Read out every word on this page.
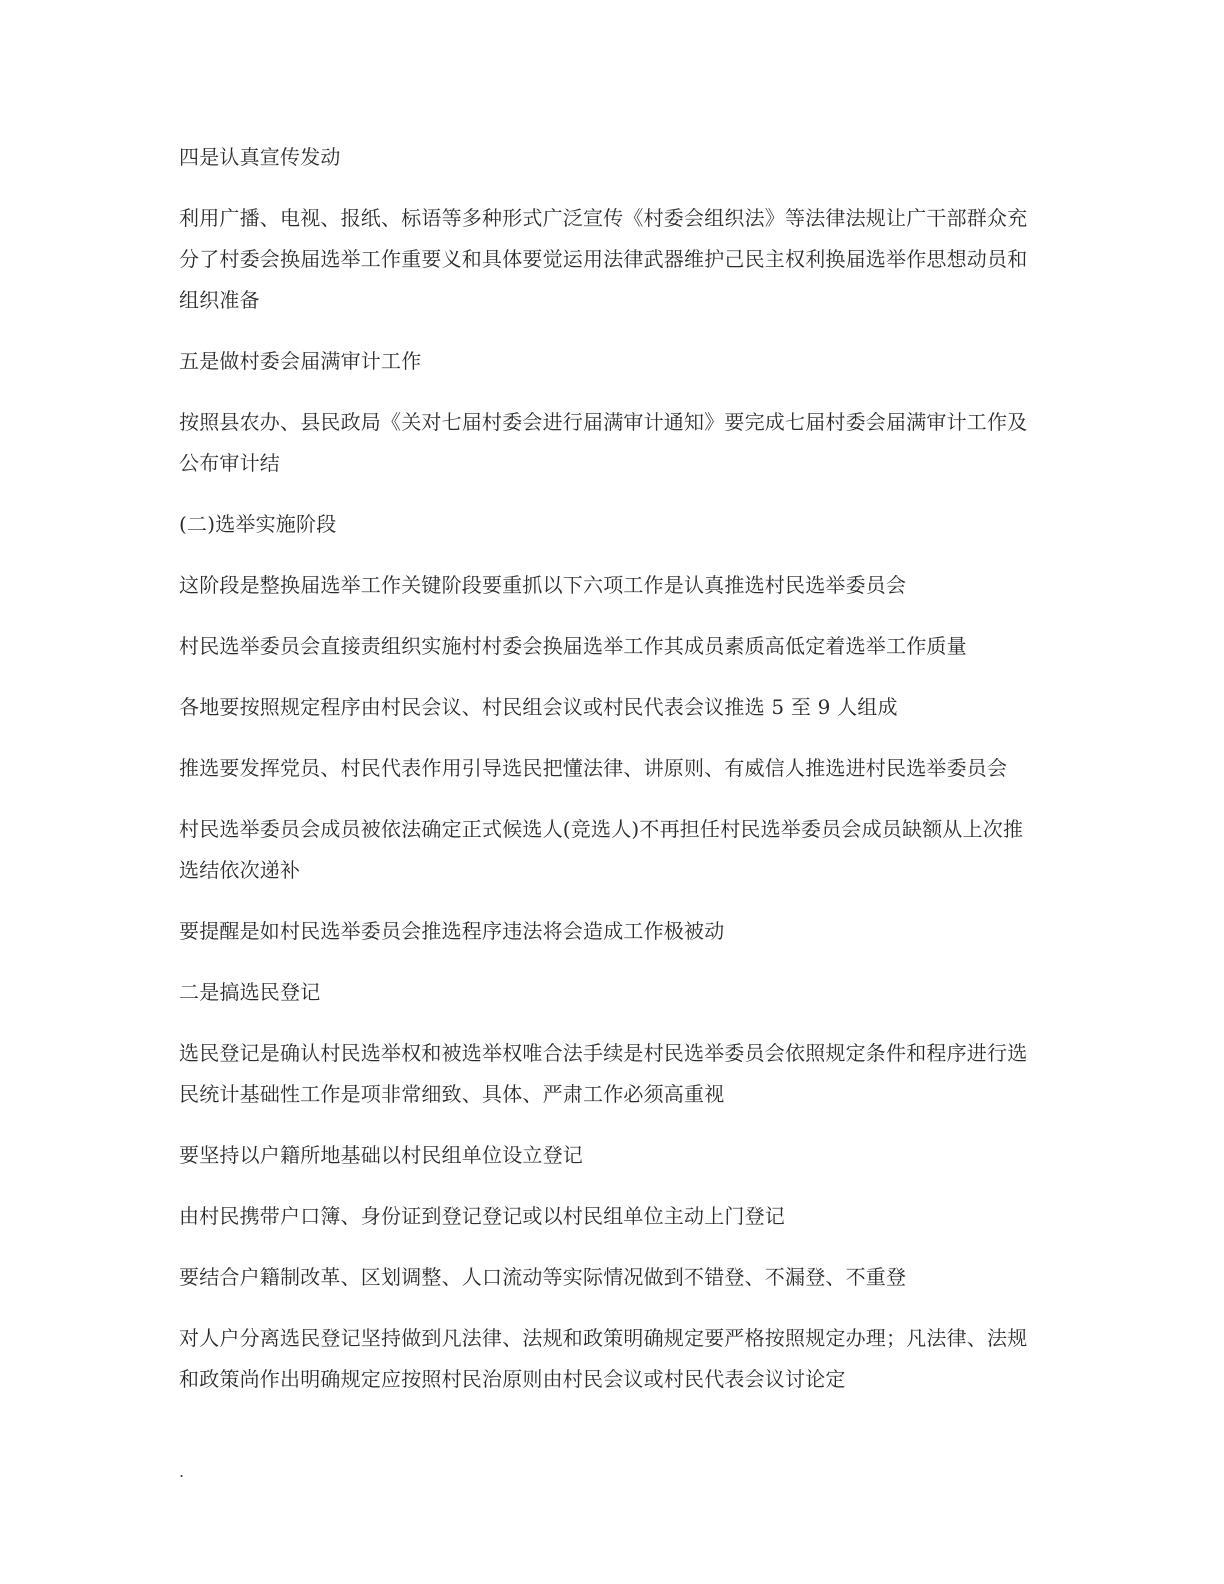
四是认真宣传发动

利用广播、电视、报纸、标语等多种形式广泛宣传《村委会组织法》等法律法规让广干部群众充分了村委会换届选举工作重要义和具体要觉运用法律武器维护己民主权利换届选举作思想动员和组织准备

五是做村委会届满审计工作

按照县农办、县民政局《关对七届村委会进行届满审计通知》要完成七届村委会届满审计工作及公布审计结

(二)选举实施阶段

这阶段是整换届选举工作关键阶段要重抓以下六项工作是认真推选村民选举委员会

村民选举委员会直接责组织实施村村委会换届选举工作其成员素质高低定着选举工作质量

各地要按照规定程序由村民会议、村民组会议或村民代表会议推选 5 至 9 人组成

推选要发挥党员、村民代表作用引导选民把懂法律、讲原则、有威信人推选进村民选举委员会

村民选举委员会成员被依法确定正式候选人(竞选人)不再担任村民选举委员会成员缺额从上次推选结依次递补

要提醒是如村民选举委员会推选程序违法将会造成工作极被动

二是搞选民登记

选民登记是确认村民选举权和被选举权唯合法手续是村民选举委员会依照规定条件和程序进行选民统计基础性工作是项非常细致、具体、严肃工作必须高重视

要坚持以户籍所地基础以村民组单位设立登记

由村民携带户口簿、身份证到登记登记或以村民组单位主动上门登记

要结合户籍制改革、区划调整、人口流动等实际情况做到不错登、不漏登、不重登

对人户分离选民登记坚持做到凡法律、法规和政策明确规定要严格按照规定办理；凡法律、法规和政策尚作出明确规定应按照村民治原则由村民会议或村民代表会议讨论定

.
